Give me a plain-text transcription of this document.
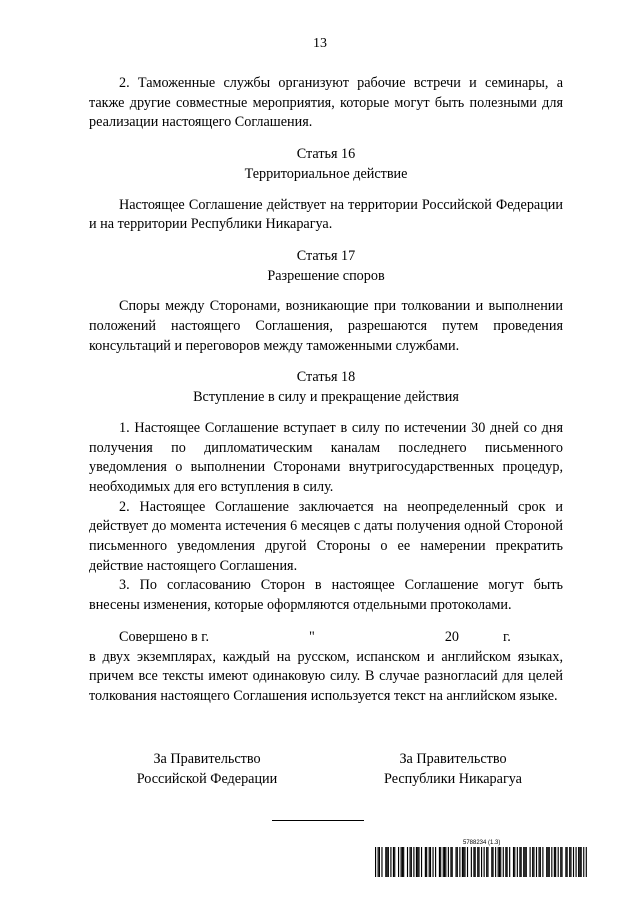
13

2. Таможенные службы организуют рабочие встречи и семинары, а также другие совместные мероприятия, которые могут быть полезными для реализации настоящего Соглашения.

Статья 16

Территориальное действие

Настоящее Соглашение действует на территории Российской Федерации и на территории Республики Никарагуа.

Статья 17

Разрешение споров

Споры между Сторонами, возникающие при толковании и выполнении положений настоящего Соглашения, разрешаются путем проведения консультаций и переговоров между таможенными службами.

Статья 18

Вступление в силу и прекращение действия

1. Настоящее Соглашение вступает в силу по истечении 30 дней со дня получения по дипломатическим каналам последнего письменного уведомления о выполнении Сторонами внутригосударственных процедур, необходимых для его вступления в силу.

2. Настоящее Соглашение заключается на неопределенный срок и действует до момента истечения 6 месяцев с даты получения одной Стороной письменного уведомления другой Стороны о ее намерении прекратить действие настоящего Соглашения.

3. По согласованию Сторон в настоящее Соглашение могут быть внесены изменения, которые оформляются отдельными протоколами.

Совершено в г.	"	20	г.

в двух экземплярах, каждый на русском, испанском и английском языках, причем все тексты имеют одинаковую силу. В случае разногласий для целей толкования настоящего Соглашения используется текст на английском языке.

За Правительство
Российской Федерации
За Правительство
Республики Никарагуа
5788234 (1.3)
